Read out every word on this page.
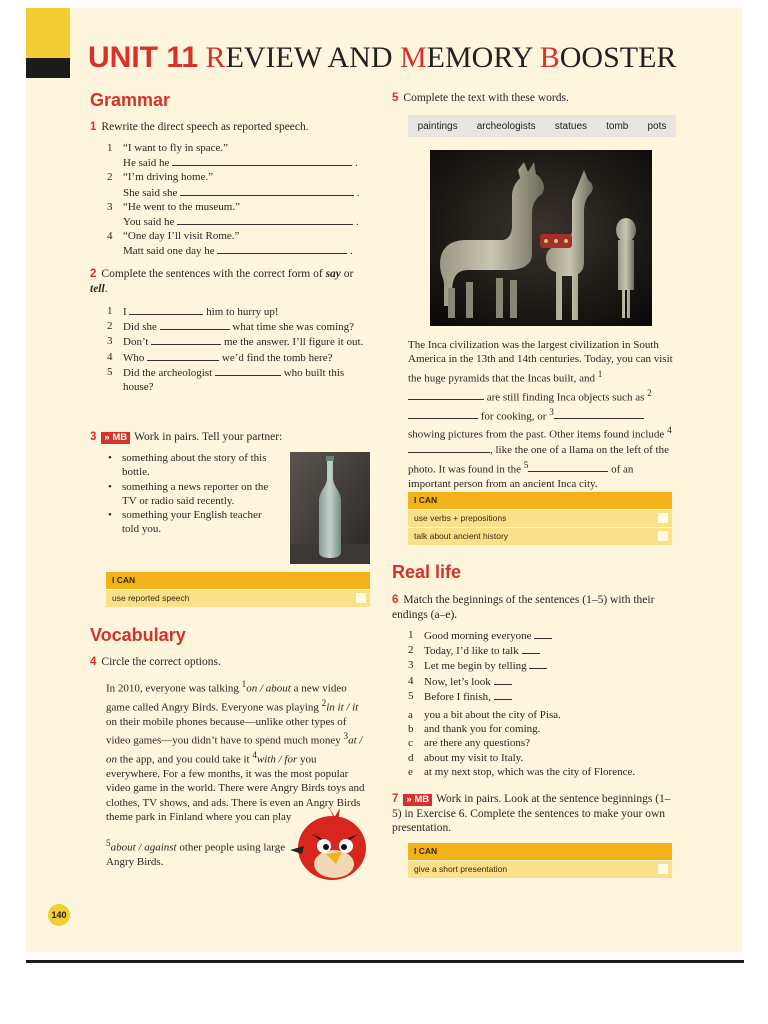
UNIT 11 REVIEW AND MEMORY BOOSTER
Grammar
1 Rewrite the direct speech as reported speech.
1 “I want to fly in space.”
He said he	.
2 “I’m driving home.”
She said she	.
3 “He went to the museum.”
You said he	.
4 “One day I’ll visit Rome.”
Matt said one day he	.
2 Complete the sentences with the correct form of say or tell.
1 I	him to hurry up!
2 Did she	what time she was coming?
3 Don’t	me the answer. I’ll figure it out.
4 Who	we’d find the tomb here?
5 Did the archeologist	who built this house?
3 » MB Work in pairs. Tell your partner:
• something about the story of this bottle.
• something a news reporter on the TV or radio said recently.
• something your English teacher told you.
I CAN
use reported speech
Vocabulary
4 Circle the correct options.
In 2010, everyone was talking $^1$on / about a new video game called Angry Birds. Everyone was playing $^2$in it / it on their mobile phones because—unlike other types of video games—you didn’t have to spend much money $^3$at / on the app, and you could take it $^4$with / for you everywhere. For a few months, it was the most popular video game in the world. There were Angry Birds toys and clothes, TV shows, and ads. There is even an Angry Birds theme park in Finland where you can play
$^5$about / against other people using large Angry Birds.
140
5 Complete the text with these words.
paintings archeologists statues tomb pots
The Inca civilization was the largest civilization in South America in the 13th and 14th centuries. Today, you can visit the huge pyramids that the Incas built, and $^1$ are still finding Inca objects such as $^2$ for cooking, or $^3$ showing pictures from the past. Other items found include $^4$, like the one of a llama on the left of the photo. It was found in the $^5$	of an important person from an ancient Inca city.
I CAN
use verbs + prepositions
talk about ancient history
Real life
6 Match the beginnings of the sentences (1–5) with their endings (a–e).
1 Good morning everyone
2 Today, I’d like to talk
3 Let me begin by telling
4 Now, let’s look
5 Before I finish,
a	you a bit about the city of Pisa.
b and thank you for coming.
c	are there any questions?
d about my visit to Italy.
e	at my next stop, which was the city of Florence.
7 » MB Work in pairs. Look at the sentence beginnings (1–5) in Exercise 6. Complete the sentences to make your own presentation.
I CAN
give a short presentation
